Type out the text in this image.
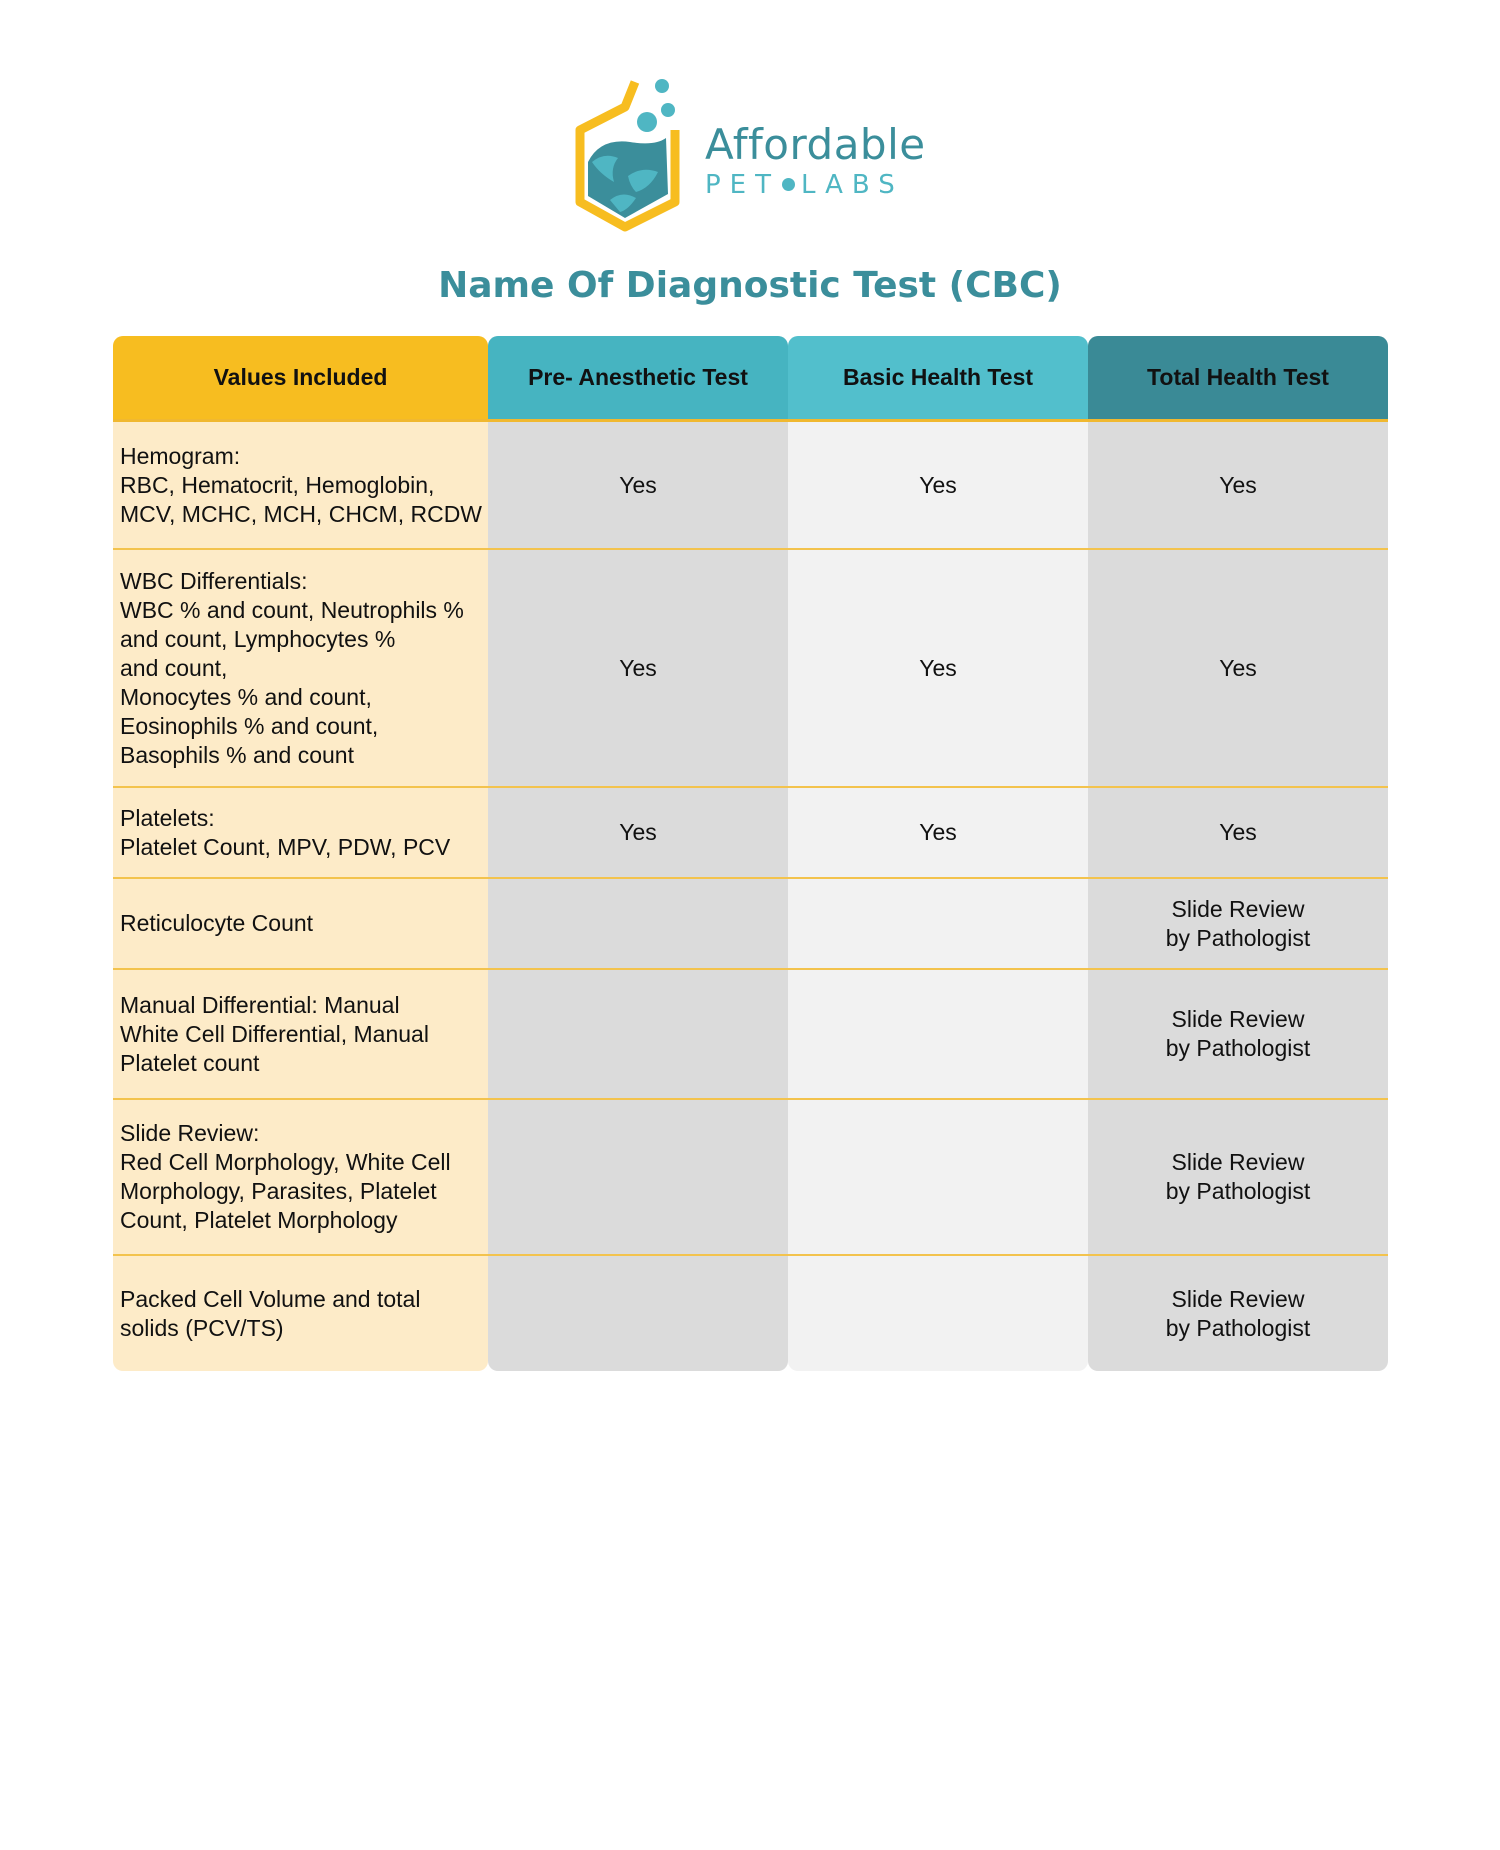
Affordable
PET LABS
Name Of Diagnostic Test (CBC)
Values Included
Hemogram:
RBC, Hematocrit, Hemoglobin,
MCV, MCHC, MCH, CHCM, RCDW
WBC Differentials:
WBC % and count, Neutrophils %
and count, Lymphocytes %
and count,
Monocytes % and count,
Eosinophils % and count,
Basophils % and count
Platelets:
Platelet Count, MPV, PDW, PCV
Reticulocyte Count
Manual Differential: Manual
White Cell Differential, Manual
Platelet count
Slide Review:
Red Cell Morphology, White Cell
Morphology, Parasites, Platelet
Count, Platelet Morphology
Packed Cell Volume and total
solids (PCV/TS)
Pre- Anesthetic Test
Yes
Yes
Yes
Basic Health Test
Yes
Yes
Yes
Total Health Test
Yes
Yes
Yes
Slide Review
by Pathologist
Slide Review
by Pathologist
Slide Review
by Pathologist
Slide Review
by Pathologist
